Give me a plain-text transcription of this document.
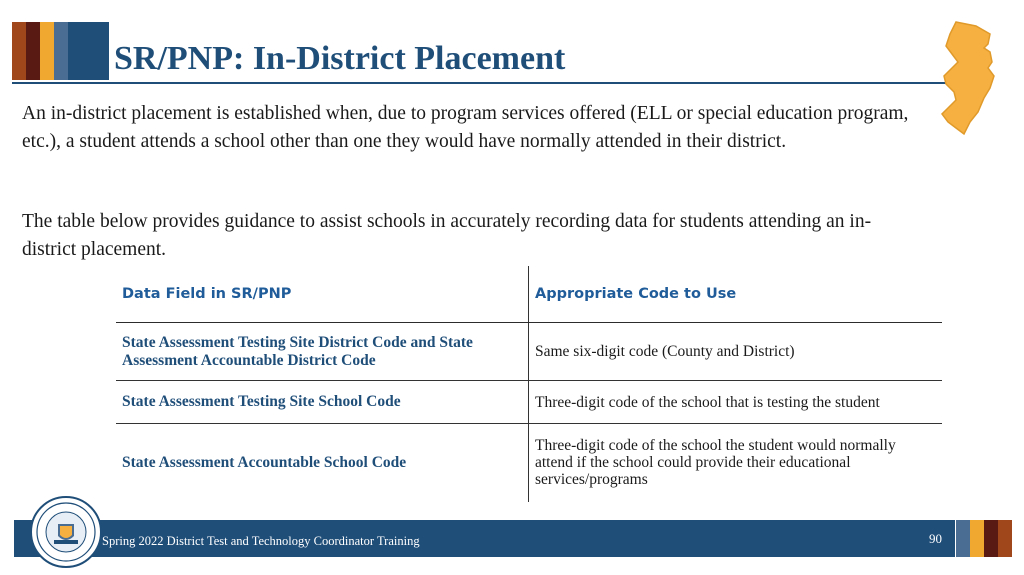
SR/PNP: In-District Placement
An in-district placement is established when, due to program services offered (ELL or special education program, etc.), a student attends a school other than one they would have normally attended in their district.
The table below provides guidance to assist schools in accurately recording data for students attending an in-district placement.
Data Field in SR/PNP	Appropriate Code to Use
State Assessment Testing Site District Code and State Assessment Accountable District Code	Same six-digit code (County and District)
State Assessment Testing Site School Code	Three-digit code of the school that is testing the student
State Assessment Accountable School Code	Three-digit code of the school the student would normally attend if the school could provide their educational services/programs
Spring 2022 District Test and Technology Coordinator Training	90
